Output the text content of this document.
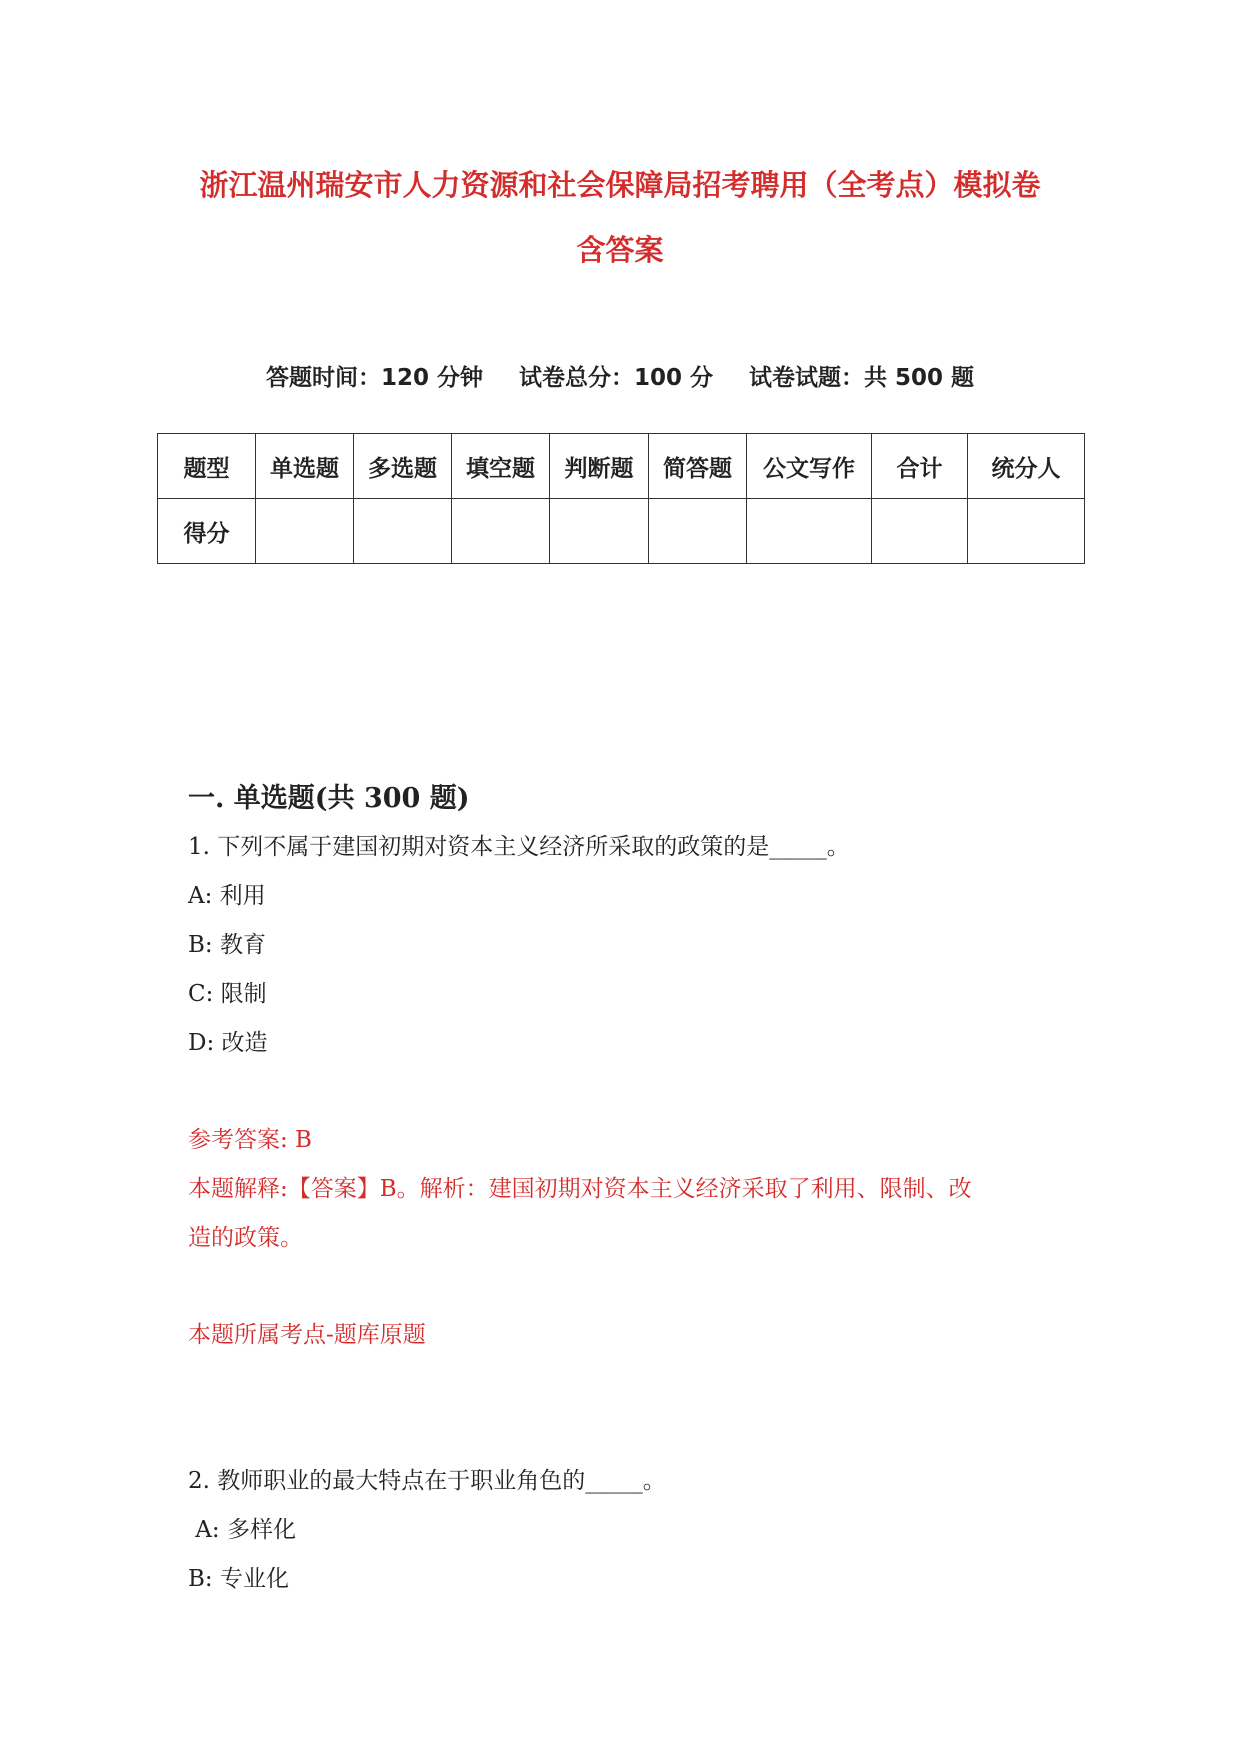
浙江温州瑞安市人力资源和社会保障局招考聘用（全考点）模拟卷
含答案
答题时间：120 分钟 试卷总分：100 分 试卷试题：共 500 题
题型	单选题	多选题	填空题	判断题	简答题	公文写作	合计	统分人
得分								
一. 单选题(共 300 题)
1. 下列不属于建国初期对资本主义经济所采取的政策的是_____。
A: 利用
B: 教育
C: 限制
D: 改造
参考答案: B
本题解释:【答案】B。解析：建国初期对资本主义经济采取了利用、限制、改
造的政策。
本题所属考点-题库原题
2. 教师职业的最大特点在于职业角色的_____。
A: 多样化
B: 专业化
